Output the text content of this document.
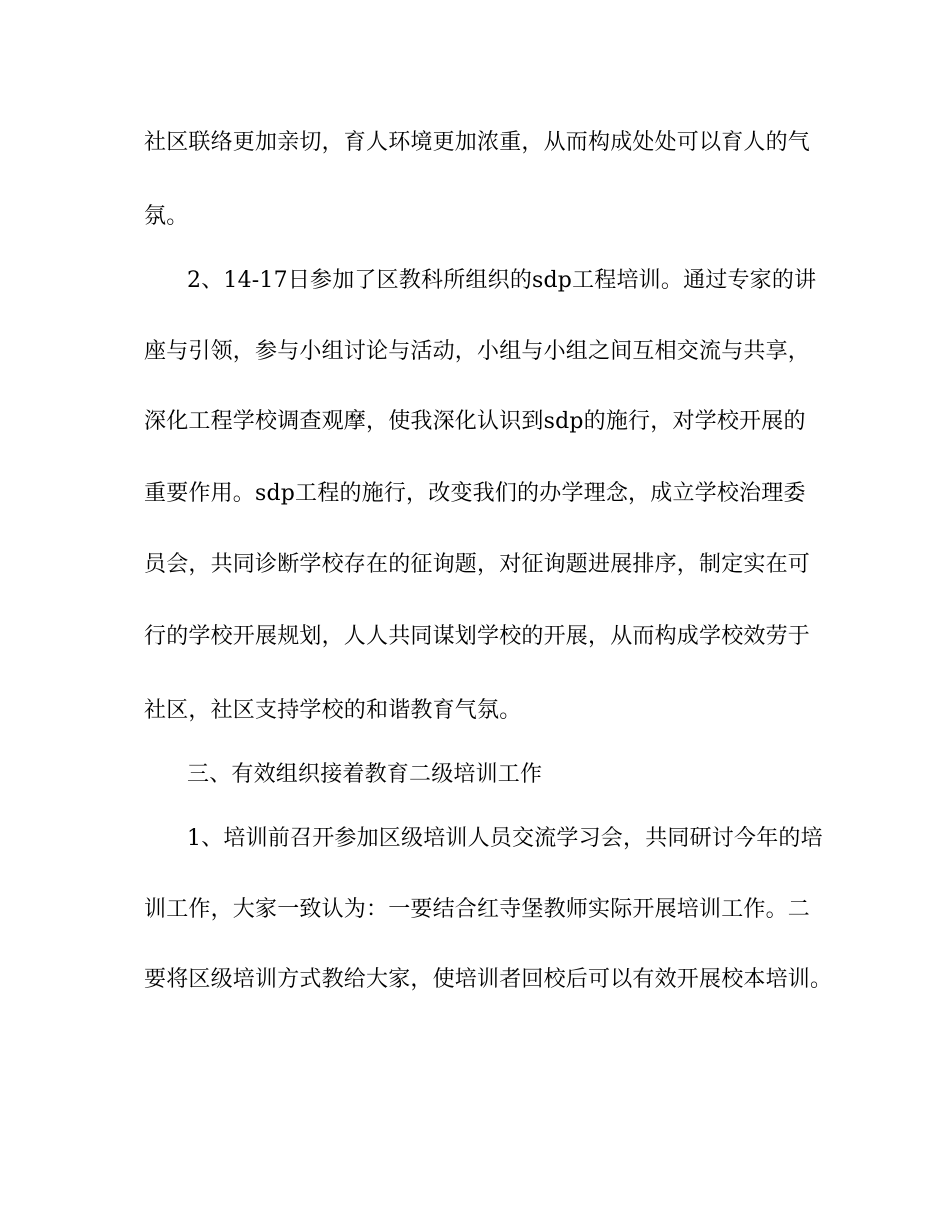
社区联络更加亲切，育人环境更加浓重，从而构成处处可以育人的气

氛。

2、14-17日参加了区教科所组织的sdp工程培训。通过专家的讲

座与引领，参与小组讨论与活动，小组与小组之间互相交流与共享，

深化工程学校调查观摩，使我深化认识到sdp的施行，对学校开展的

重要作用。sdp工程的施行，改变我们的办学理念，成立学校治理委

员会，共同诊断学校存在的征询题，对征询题进展排序，制定实在可

行的学校开展规划，人人共同谋划学校的开展，从而构成学校效劳于

社区，社区支持学校的和谐教育气氛。

三、有效组织接着教育二级培训工作

1、培训前召开参加区级培训人员交流学习会，共同研讨今年的培

训工作，大家一致认为：一要结合红寺堡教师实际开展培训工作。二

要将区级培训方式教给大家，使培训者回校后可以有效开展校本培训。
